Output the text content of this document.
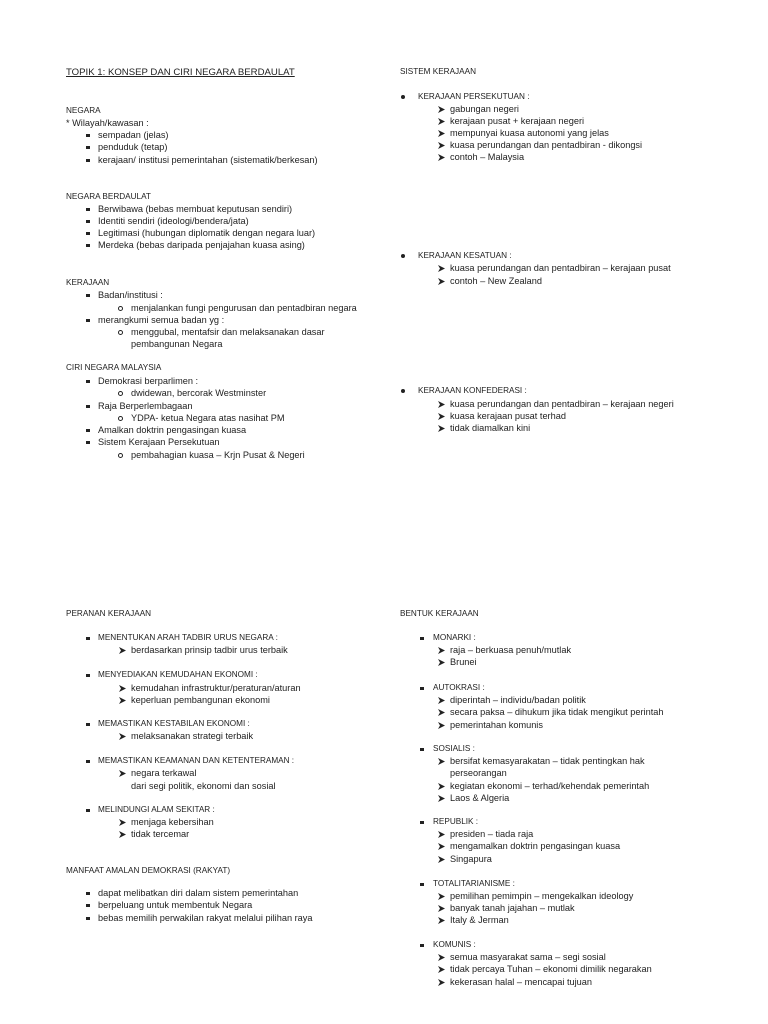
TOPIK 1: KONSEP DAN CIRI NEGARA BERDAULAT
NEGARA
* Wilayah/kawasan :
sempadan (jelas)
penduduk (tetap)
kerajaan/ institusi pemerintahan (sistematik/berkesan)
NEGARA BERDAULAT
Berwibawa (bebas membuat keputusan sendiri)
Identiti sendiri (ideologi/bendera/jata)
Legitimasi (hubungan diplomatik dengan negara luar)
Merdeka (bebas daripada penjajahan kuasa asing)
KERAJAAN
Badan/institusi :
menjalankan fungi pengurusan dan pentadbiran negara
merangkumi semua badan yg :
menggubal, mentafsir dan melaksanakan dasar
pembangunan Negara
CIRI NEGARA MALAYSIA
Demokrasi berparlimen :
dwidewan, bercorak Westminster
Raja Berperlembagaan
YDPA- ketua Negara atas nasihat PM
Amalkan doktrin pengasingan kuasa
Sistem Kerajaan Persekutuan
pembahagian kuasa – Krjn Pusat & Negeri
PERANAN KERAJAAN
MENENTUKAN ARAH TADBIR URUS NEGARA :
berdasarkan prinsip tadbir urus terbaik
MENYEDIAKAN KEMUDAHAN EKONOMI :
kemudahan infrastruktur/peraturan/aturan
keperluan pembangunan ekonomi
MEMASTIKAN KESTABILAN EKONOMI :
melaksanakan strategi terbaik
MEMASTIKAN KEAMANAN DAN KETENTERAMAN :
negara terkawal
dari segi politik, ekonomi dan sosial
MELINDUNGI ALAM SEKITAR :
menjaga kebersihan
tidak tercemar
MANFAAT AMALAN DEMOKRASI (RAKYAT)
dapat melibatkan diri dalam sistem pemerintahan
berpeluang untuk membentuk Negara
bebas memilih perwakilan rakyat melalui pilihan raya
SISTEM KERAJAAN
KERAJAAN PERSEKUTUAN :
gabungan negeri
kerajaan pusat + kerajaan negeri
mempunyai kuasa autonomi yang jelas
kuasa perundangan dan pentadbiran - dikongsi
contoh – Malaysia
KERAJAAN KESATUAN :
kuasa perundangan dan pentadbiran – kerajaan pusat
contoh – New Zealand
KERAJAAN KONFEDERASI :
kuasa perundangan dan pentadbiran – kerajaan negeri
kuasa kerajaan pusat terhad
tidak diamalkan kini
BENTUK KERAJAAN
MONARKI :
raja – berkuasa penuh/mutlak
Brunei
AUTOKRASI :
diperintah – individu/badan politik
secara paksa – dihukum jika tidak mengikut perintah
pemerintahan komunis
SOSIALIS :
bersifat kemasyarakatan – tidak pentingkan hak
perseorangan
kegiatan ekonomi – terhad/kehendak pemerintah
Laos & Algeria
REPUBLIK :
presiden – tiada raja
mengamalkan doktrin pengasingan kuasa
Singapura
TOTALITARIANISME :
pemilihan pemimpin – mengekalkan ideology
banyak tanah jajahan – mutlak
Italy & Jerman
KOMUNIS :
semua masyarakat sama – segi sosial
tidak percaya Tuhan – ekonomi dimilik negarakan
kekerasan halal – mencapai tujuan
